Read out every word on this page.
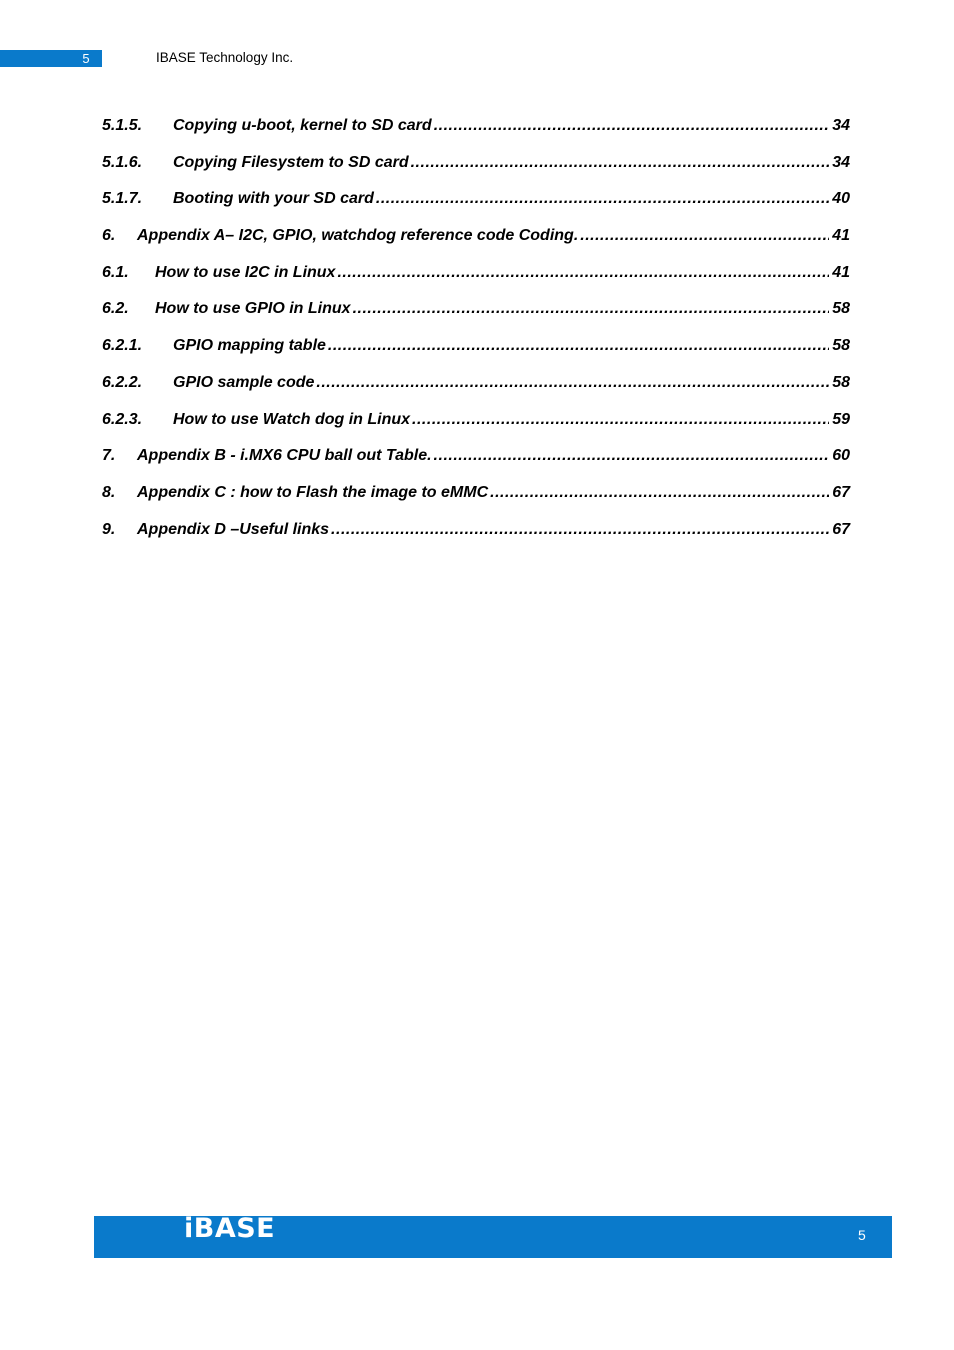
5	IBASE Technology Inc.
5.1.5.	Copying u-boot, kernel to SD card .....	34
5.1.6.	Copying Filesystem to SD card .....	34
5.1.7.	Booting with your SD card .....	40
6.	Appendix A– I2C, GPIO, watchdog reference code Coding. .....	41
6.1.	How to use I2C in Linux .....	41
6.2.	How to use GPIO in Linux .....	58
6.2.1.	GPIO mapping table .....	58
6.2.2.	GPIO sample code .....	58
6.2.3.	How to use Watch dog in Linux .....	59
7.	Appendix B - i.MX6 CPU ball out Table. .....	60
8.	Appendix C : how to Flash the image to eMMC .....	67
9.	Appendix D –Useful links .....	67
iBASE	5
